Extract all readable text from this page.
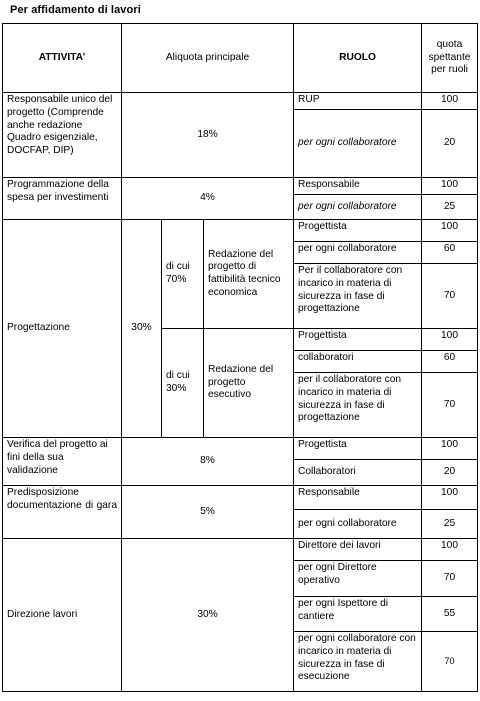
Per affidamento di lavori
ATTIVITA’	Aliquota principale			RUOLO	quota spettante per ruoli
Responsabile unico del progetto (Comprende anche redazione Quadro esigenziale, DOCFAP, DIP)	18%			RUP	100
				per ogni collaboratore	20
Programmazione della spesa per investimenti	4%			Responsabile	100
				per ogni collaboratore	25
Progettazione	30%	di cui 70%	Redazione del progetto di fattibilità tecnico economica	Progettista	100
				per ogni collaboratore	60
				Per il collaboratore con incarico in materia di sicurezza in fase di progettazione	70
		di cui 30%	Redazione del progetto esecutivo	Progettista	100
				collaboratori	60
				per il collaboratore con incarico in materia di sicurezza in fase di progettazione	70
Verifica del progetto ai fini della sua validazione	8%			Progettista	100
				Collaboratori	20
Predisposizione documentazione di gara	5%			Responsabile	100
				per ogni collaboratore	25
Direzione lavori	30%			Direttore dei lavori	100
				per ogni Direttore operativo	70
				per ogni Ispettore di cantiere	55
				per ogni collaboratore con incarico in materia di sicurezza in fase di esecuzione	70
